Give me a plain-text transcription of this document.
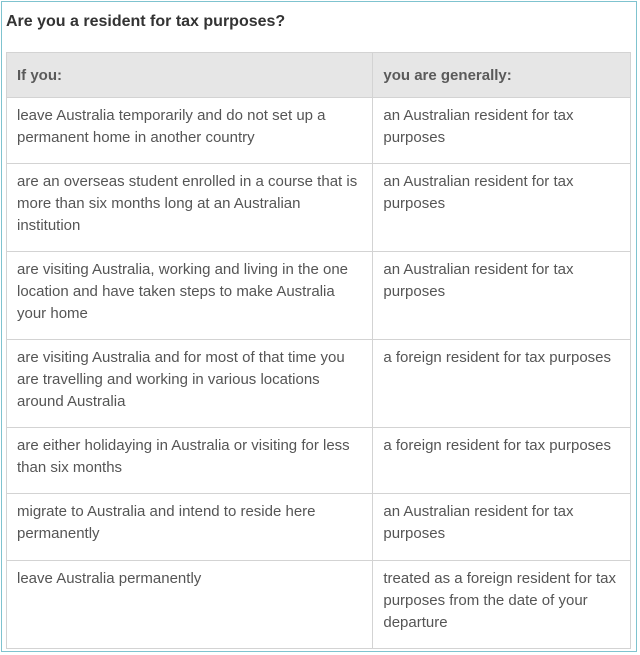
Are you a resident for tax purposes?
If you:	you are generally:
leave Australia temporarily and do not set up a permanent home in another country	an Australian resident for tax purposes
are an overseas student enrolled in a course that is more than six months long at an Australian institution	an Australian resident for tax purposes
are visiting Australia, working and living in the one location and have taken steps to make Australia your home	an Australian resident for tax purposes
are visiting Australia and for most of that time you are travelling and working in various locations around Australia	a foreign resident for tax purposes
are either holidaying in Australia or visiting for less than six months	a foreign resident for tax purposes
migrate to Australia and intend to reside here permanently	an Australian resident for tax purposes
leave Australia permanently	treated as a foreign resident for tax purposes from the date of your departure
